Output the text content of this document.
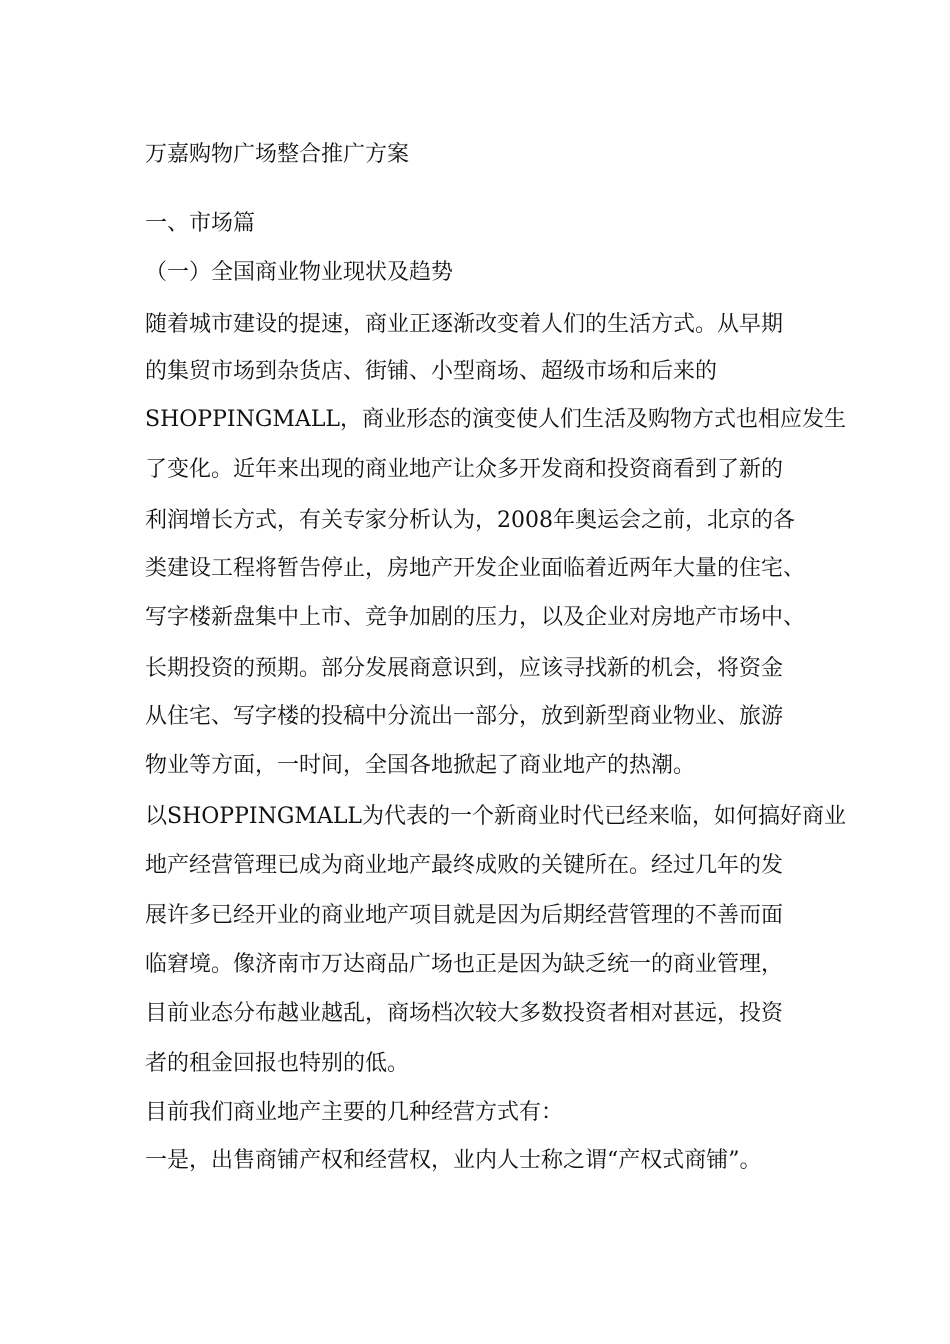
万嘉购物广场整合推广方案
一、市场篇
（一）全国商业物业现状及趋势
随着城市建设的提速，商业正逐渐改变着人们的生活方式。从早期
的集贸市场到杂货店、街铺、小型商场、超级市场和后来的
SHOPPINGMALL，商业形态的演变使人们生活及购物方式也相应发生
了变化。近年来出现的商业地产让众多开发商和投资商看到了新的
利润增长方式，有关专家分析认为，2008年奥运会之前，北京的各
类建设工程将暂告停止，房地产开发企业面临着近两年大量的住宅、
写字楼新盘集中上市、竞争加剧的压力，以及企业对房地产市场中、
长期投资的预期。部分发展商意识到，应该寻找新的机会，将资金
从住宅、写字楼的投稿中分流出一部分，放到新型商业物业、旅游
物业等方面，一时间，全国各地掀起了商业地产的热潮。
以SHOPPINGMALL为代表的一个新商业时代已经来临，如何搞好商业
地产经营管理已成为商业地产最终成败的关键所在。经过几年的发
展许多已经开业的商业地产项目就是因为后期经营管理的不善而面
临窘境。像济南市万达商品广场也正是因为缺乏统一的商业管理，
目前业态分布越业越乱，商场档次较大多数投资者相对甚远，投资
者的租金回报也特别的低。
目前我们商业地产主要的几种经营方式有：
一是，出售商铺产权和经营权，业内人士称之谓“产权式商铺”。
